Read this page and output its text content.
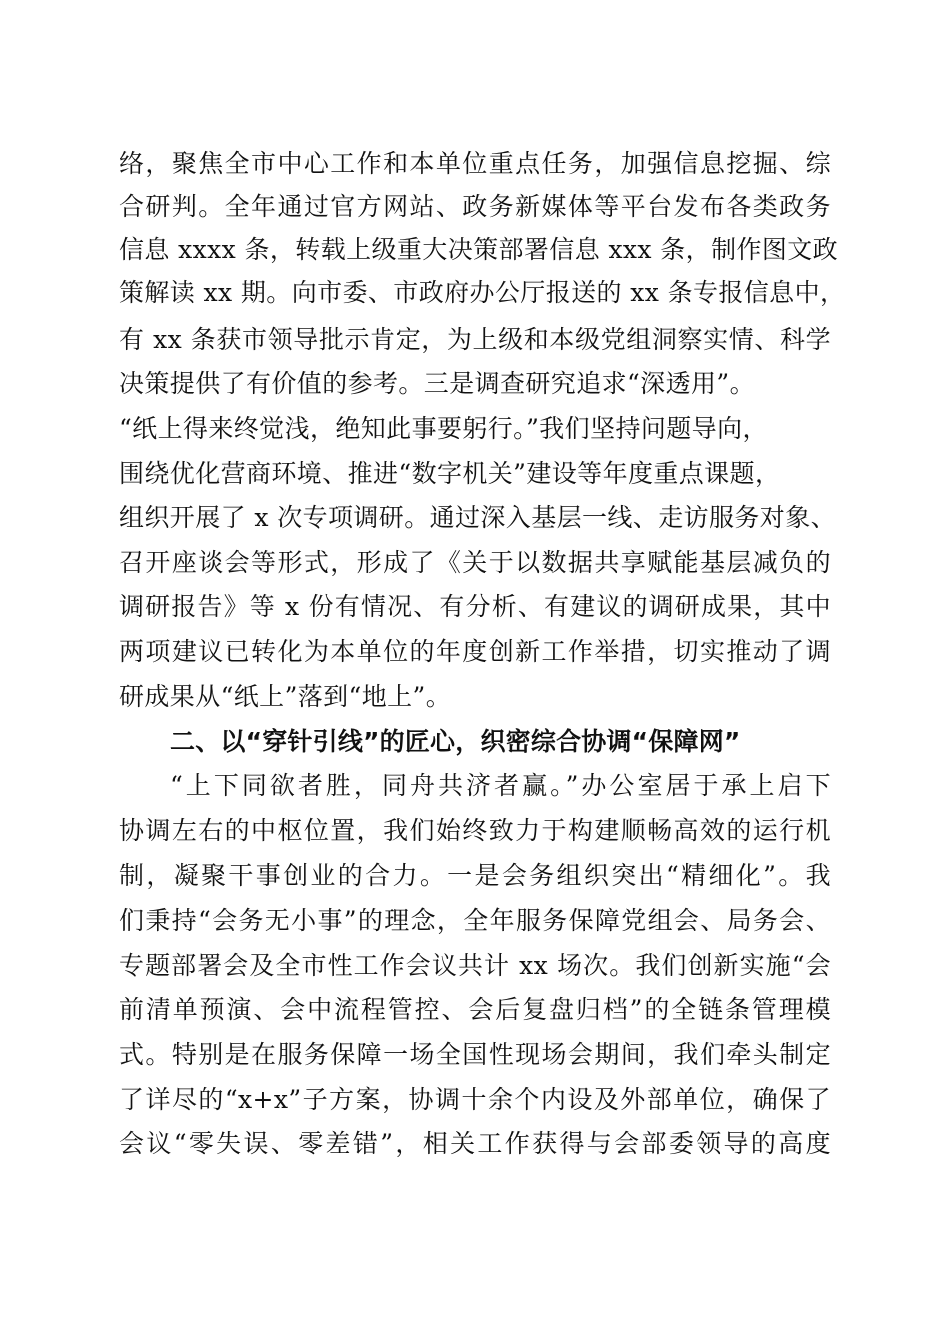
络，聚焦全市中心工作和本单位重点任务，加强信息挖掘、综
合研判。全年通过官方网站、政务新媒体等平台发布各类政务
信息 xxxx 条，转载上级重大决策部署信息 xxx 条，制作图文政
策解读 xx 期。向市委、市政府办公厅报送的 xx 条专报信息中，
有 xx 条获市领导批示肯定，为上级和本级党组洞察实情、科学
决策提供了有价值的参考。三是调查研究追求“深透用”。
“纸上得来终觉浅，绝知此事要躬行。”我们坚持问题导向，
围绕优化营商环境、推进“数字机关”建设等年度重点课题，
组织开展了 x 次专项调研。通过深入基层一线、走访服务对象、
召开座谈会等形式，形成了《关于以数据共享赋能基层减负的
调研报告》等 x 份有情况、有分析、有建议的调研成果，其中
两项建议已转化为本单位的年度创新工作举措，切实推动了调
研成果从“纸上”落到“地上”。
二、以“穿针引线”的匠心，织密综合协调“保障网”
“上下同欲者胜，同舟共济者赢。”办公室居于承上启下
协调左右的中枢位置，我们始终致力于构建顺畅高效的运行机
制，凝聚干事创业的合力。一是会务组织突出“精细化”。我
们秉持“会务无小事”的理念，全年服务保障党组会、局务会、
专题部署会及全市性工作会议共计 xx 场次。我们创新实施“会
前清单预演、会中流程管控、会后复盘归档”的全链条管理模
式。特别是在服务保障一场全国性现场会期间，我们牵头制定
了详尽的“x+x”子方案，协调十余个内设及外部单位，确保了
会议“零失误、零差错”，相关工作获得与会部委领导的高度
